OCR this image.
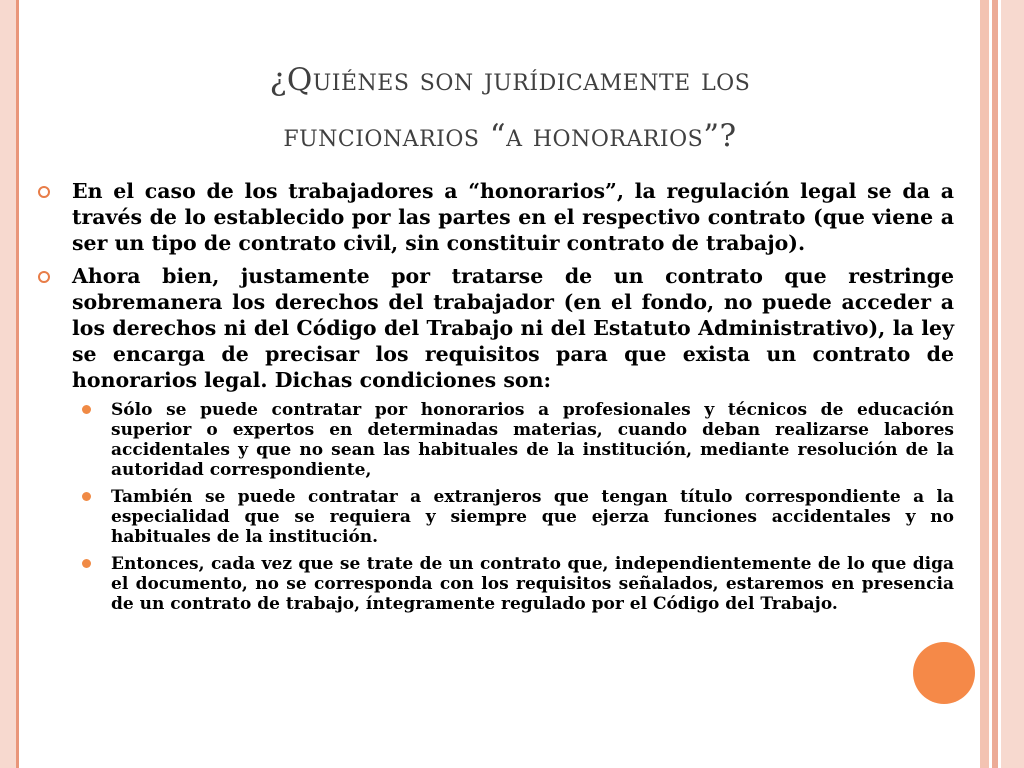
¿Quiénes son jurídicamente los
funcionarios “a honorarios”?
En el caso de los trabajadores a “honorarios”, la regulación legal se da a través de lo establecido por las partes en el respectivo contrato (que viene a ser un tipo de contrato civil, sin constituir contrato de trabajo).
Ahora bien, justamente por tratarse de un contrato que restringe sobremanera los derechos del trabajador (en el fondo, no puede acceder a los derechos ni del Código del Trabajo ni del Estatuto Administrativo), la ley se encarga de precisar los requisitos para que exista un contrato de honorarios legal. Dichas condiciones son:
Sólo se puede contratar por honorarios a profesionales y técnicos de educación superior o expertos en determinadas materias, cuando deban realizarse labores accidentales y que no sean las habituales de la institución, mediante resolución de la autoridad correspondiente,
También se puede contratar a extranjeros que tengan título correspondiente a la especialidad que se requiera y siempre que ejerza funciones accidentales y no habituales de la institución.
Entonces, cada vez que se trate de un contrato que, independientemente de lo que diga el documento, no se corresponda con los requisitos señalados, estaremos en presencia de un contrato de trabajo, íntegramente regulado por el Código del Trabajo.
